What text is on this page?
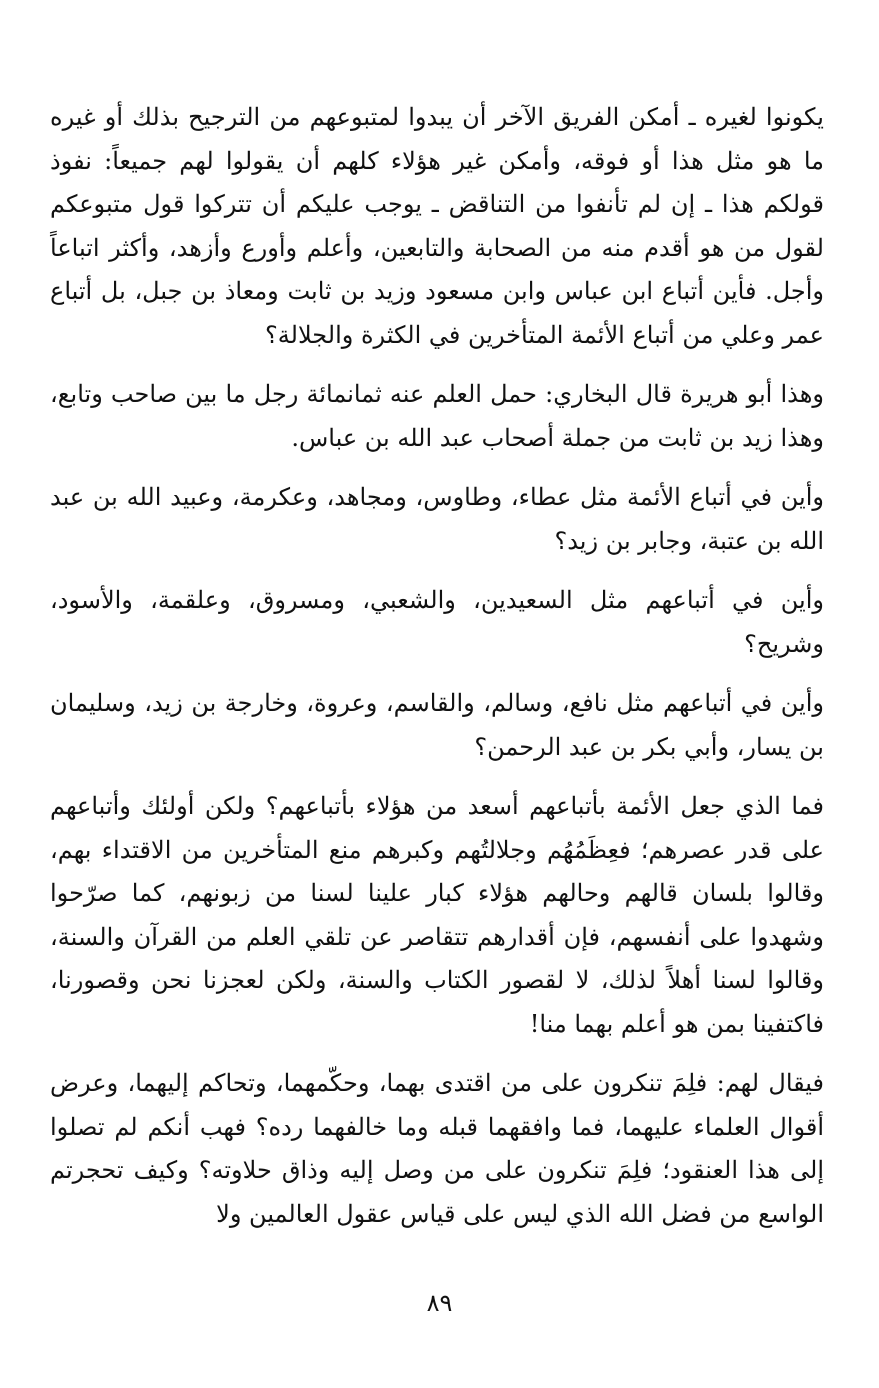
يكونوا لغيره ـ أمكن الفريق الآخر أن يبدوا لمتبوعهم من الترجيح بذلك أو غيره ما هو مثل هذا أو فوقه، وأمكن غير هؤلاء كلهم أن يقولوا لهم جميعاً: نفوذ قولكم هذا ـ إن لم تأنفوا من التناقض ـ يوجب عليكم أن تتركوا قول متبوعكم لقول من هو أقدم منه من الصحابة والتابعين، وأعلم وأورع وأزهد، وأكثر اتباعاً وأجل. فأين أتباع ابن عباس وابن مسعود وزيد بن ثابت ومعاذ بن جبل، بل أتباع عمر وعلي من أتباع الأئمة المتأخرين في الكثرة والجلالة؟

وهذا أبو هريرة قال البخاري: حمل العلم عنه ثمانمائة رجل ما بين صاحب وتابع، وهذا زيد بن ثابت من جملة أصحاب عبد الله بن عباس.

وأين في أتباع الأئمة مثل عطاء، وطاوس، ومجاهد، وعكرمة، وعبيد الله بن عبد الله بن عتبة، وجابر بن زيد؟

وأين في أتباعهم مثل السعيدين، والشعبي، ومسروق، وعلقمة، والأسود، وشريح؟

وأين في أتباعهم مثل نافع، وسالم، والقاسم، وعروة، وخارجة بن زيد، وسليمان بن يسار، وأبي بكر بن عبد الرحمن؟

فما الذي جعل الأئمة بأتباعهم أسعد من هؤلاء بأتباعهم؟ ولكن أولئك وأتباعهم على قدر عصرهم؛ فعِظَمُهُم وجلالتُهم وكبرهم منع المتأخرين من الاقتداء بهم، وقالوا بلسان قالهم وحالهم هؤلاء كبار علينا لسنا من زبونهم، كما صرّحوا وشهدوا على أنفسهم، فإن أقدارهم تتقاصر عن تلقي العلم من القرآن والسنة، وقالوا لسنا أهلاً لذلك، لا لقصور الكتاب والسنة، ولكن لعجزنا نحن وقصورنا، فاكتفينا بمن هو أعلم بهما منا!

فيقال لهم: فلِمَ تنكرون على من اقتدى بهما، وحكّمهما، وتحاكم إليهما، وعرض أقوال العلماء عليهما، فما وافقهما قبله وما خالفهما رده؟ فهب أنكم لم تصلوا إلى هذا العنقود؛ فلِمَ تنكرون على من وصل إليه وذاق حلاوته؟ وكيف تحجرتم الواسع من فضل الله الذي ليس على قياس عقول العالمين ولا

٨٩
